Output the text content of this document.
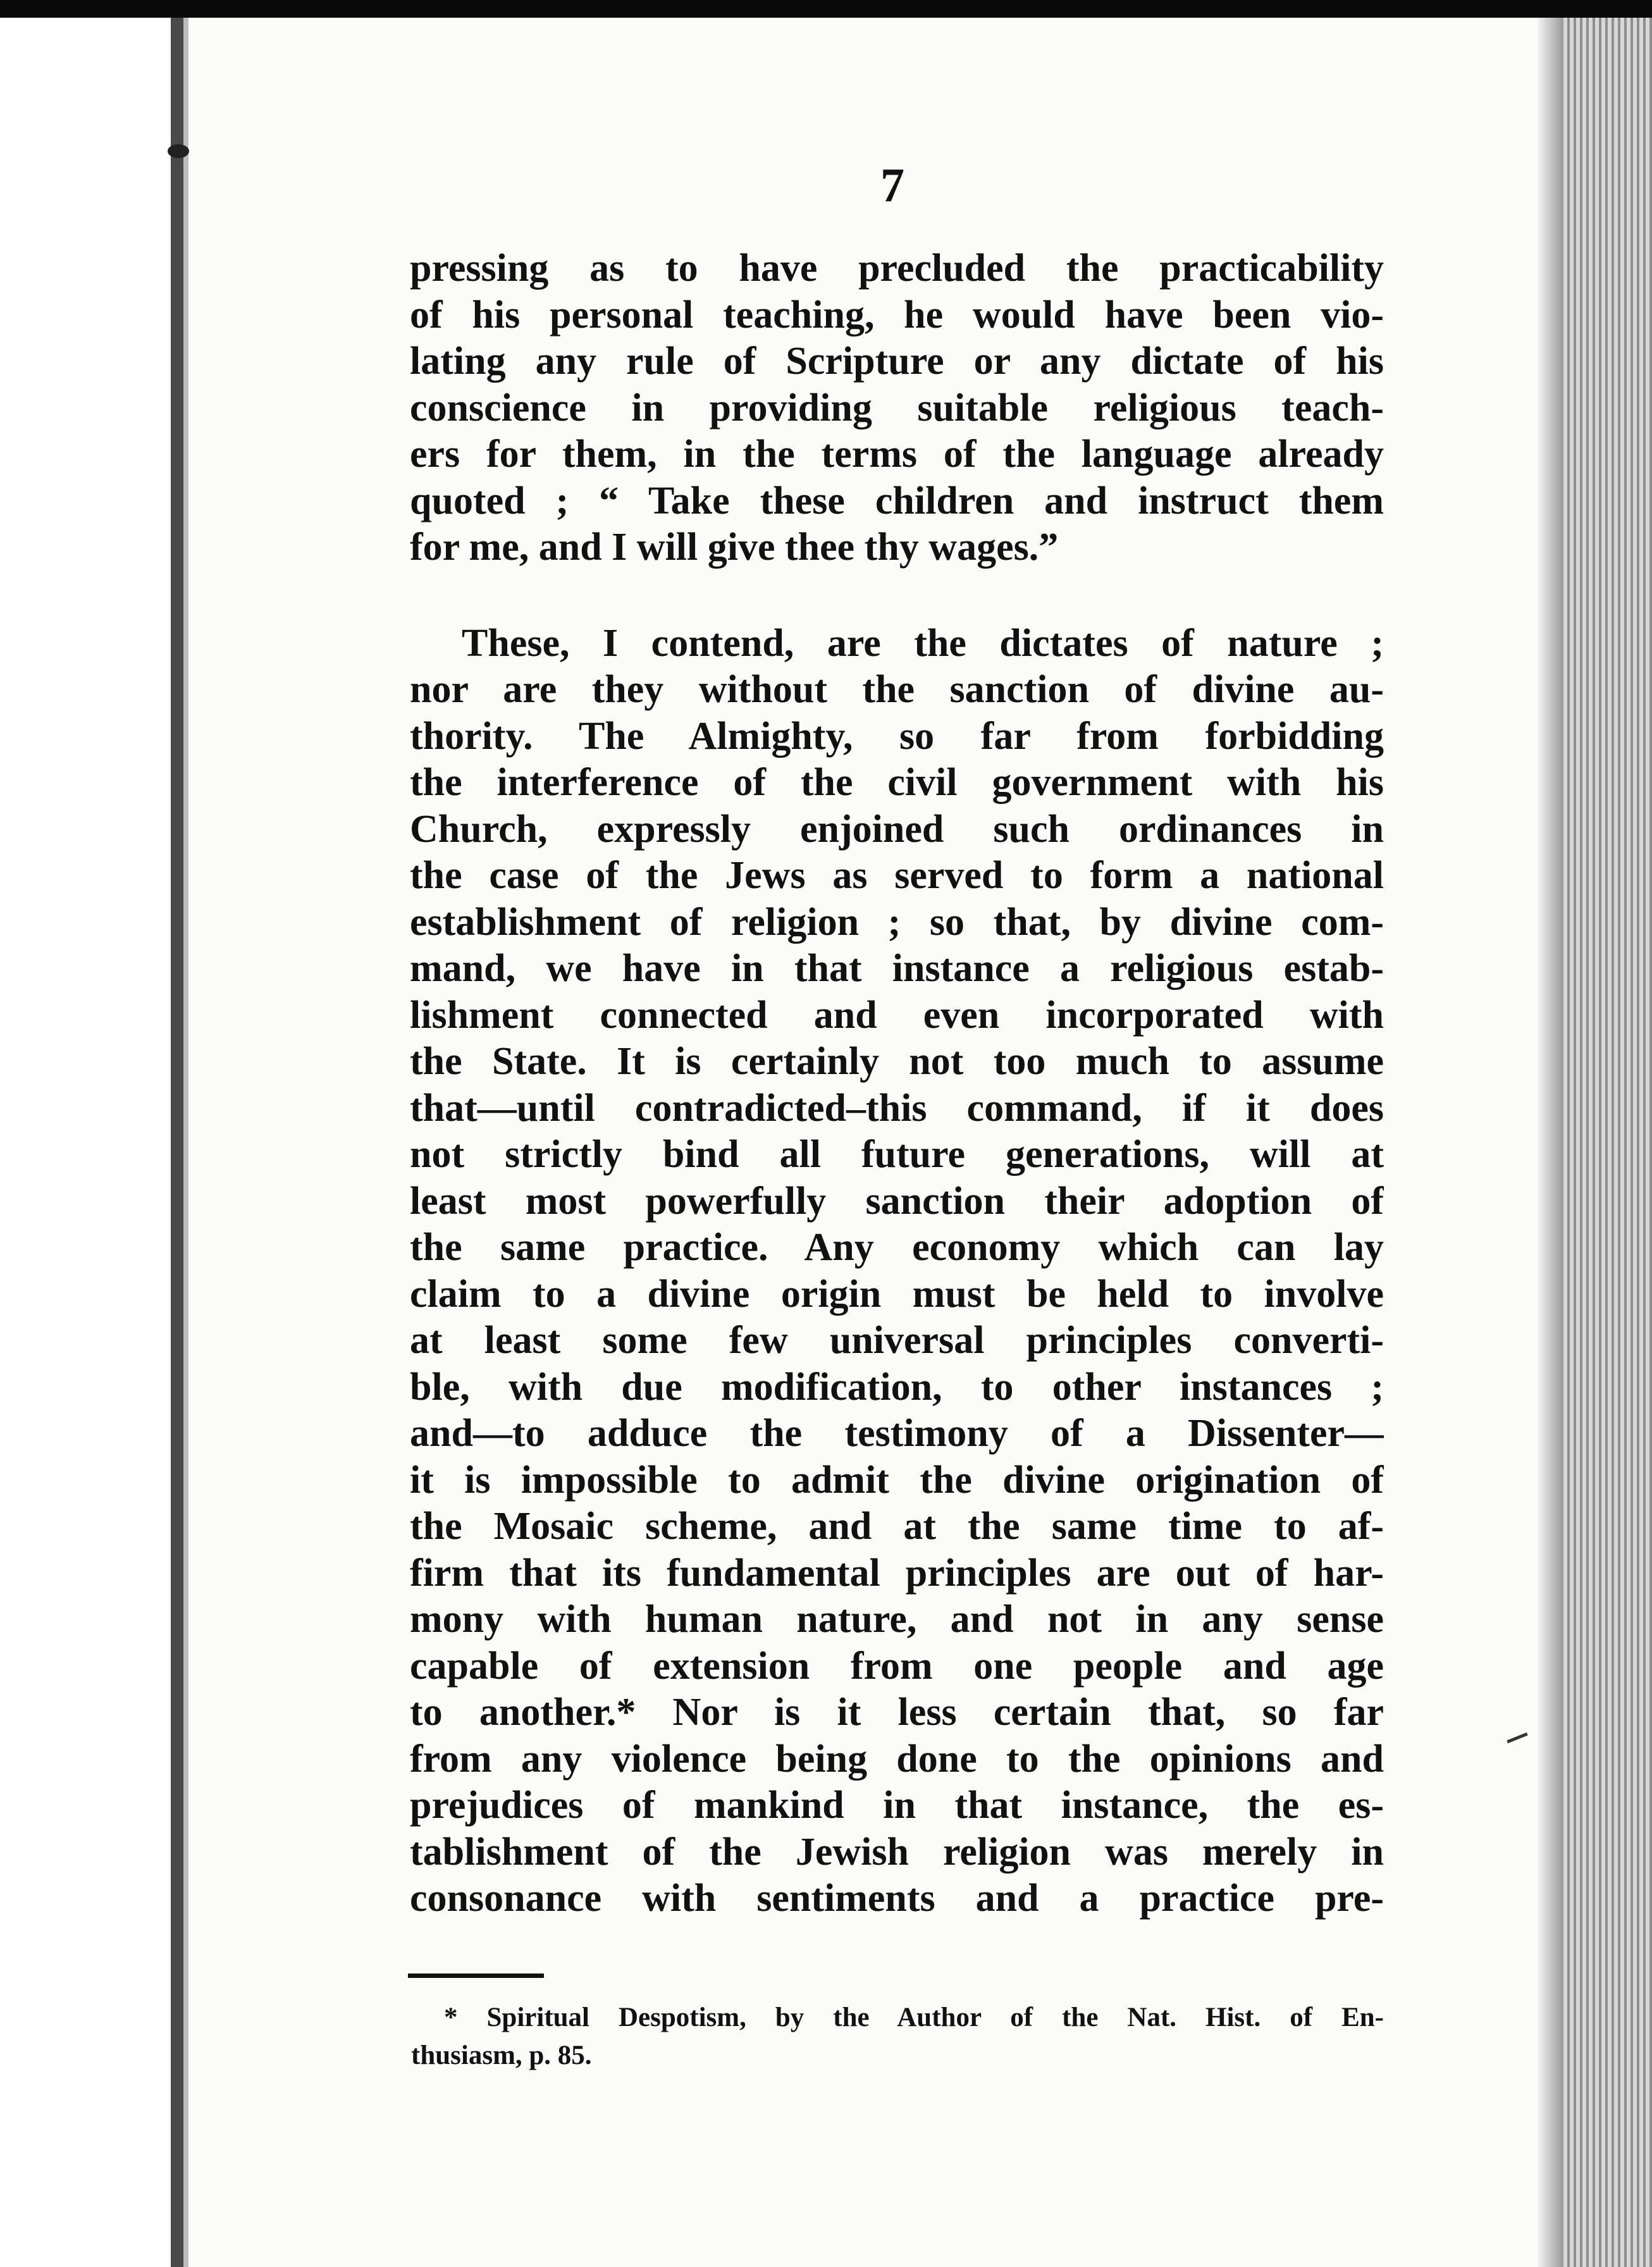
7

pressing as to have precluded the practicability
of his personal teaching, he would have been vio-
lating any rule of Scripture or any dictate of his
conscience in providing suitable religious teach-
ers for them, in the terms of the language already
quoted ; “ Take these children and instruct them
for me, and I will give thee thy wages.”
These, I contend, are the dictates of nature ;
nor are they without the sanction of divine au-
thority. The Almighty, so far from forbidding
the interference of the civil government with his
Church, expressly enjoined such ordinances in
the case of the Jews as served to form a national
establishment of religion ; so that, by divine com-
mand, we have in that instance a religious estab-
lishment connected and even incorporated with
the State. It is certainly not too much to assume
that—until contradicted–this command, if it does
not strictly bind all future generations, will at
least most powerfully sanction their adoption of
the same practice. Any economy which can lay
claim to a divine origin must be held to involve
at least some few universal principles converti-
ble, with due modification, to other instances ;
and—to adduce the testimony of a Dissenter—
it is impossible to admit the divine origination of
the Mosaic scheme, and at the same time to af-
firm that its fundamental principles are out of har-
mony with human nature, and not in any sense
capable of extension from one people and age
to another.* Nor is it less certain that, so far
from any violence being done to the opinions and
prejudices of mankind in that instance, the es-
tablishment of the Jewish religion was merely in
consonance with sentiments and a practice pre-
* Spiritual Despotism, by the Author of the Nat. Hist. of En-
thusiasm, p. 85.
